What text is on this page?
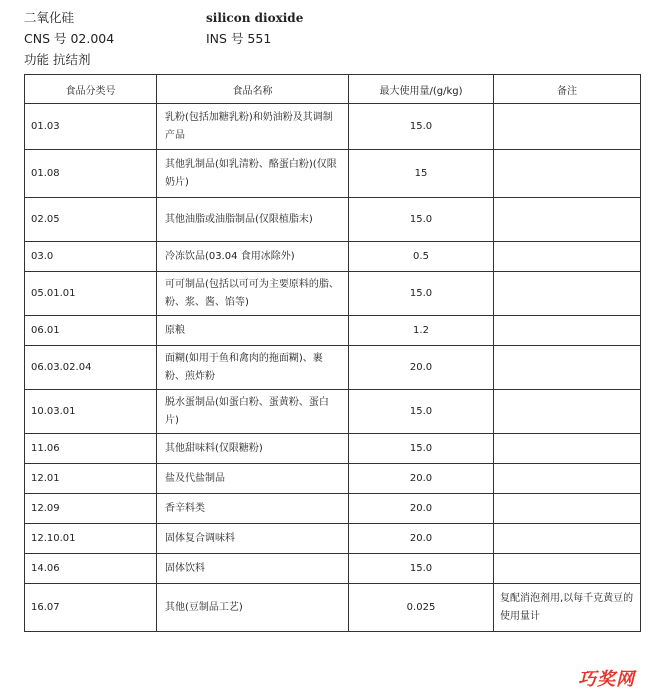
二氧化硅	silicon dioxide
CNS 号 02.004	INS 号 551
功能 抗结剂
食品分类号	食品名称	最大使用量/(g/kg)	备注
01.03	乳粉(包括加糖乳粉)和奶油粉及其调制产品	15.0	
01.08	其他乳制品(如乳清粉、酪蛋白粉)(仅限奶片)	15	
02.05	其他油脂或油脂制品(仅限植脂末)	15.0	
03.0	冷冻饮品(03.04 食用冰除外)	0.5	
05.01.01	可可制品(包括以可可为主要原料的脂、粉、浆、酱、馅等)	15.0	
06.01	原粮	1.2	
06.03.02.04	面糊(如用于鱼和禽肉的拖面糊)、裹粉、煎炸粉	20.0	
10.03.01	脱水蛋制品(如蛋白粉、蛋黄粉、蛋白片)	15.0	
11.06	其他甜味料(仅限糖粉)	15.0	
12.01	盐及代盐制品	20.0	
12.09	香辛料类	20.0	
12.10.01	固体复合调味料	20.0	
14.06	固体饮料	15.0	
16.07	其他(豆制品工艺)	0.025	复配消泡剂用,以每千克黄豆的使用量计
巧奖网
